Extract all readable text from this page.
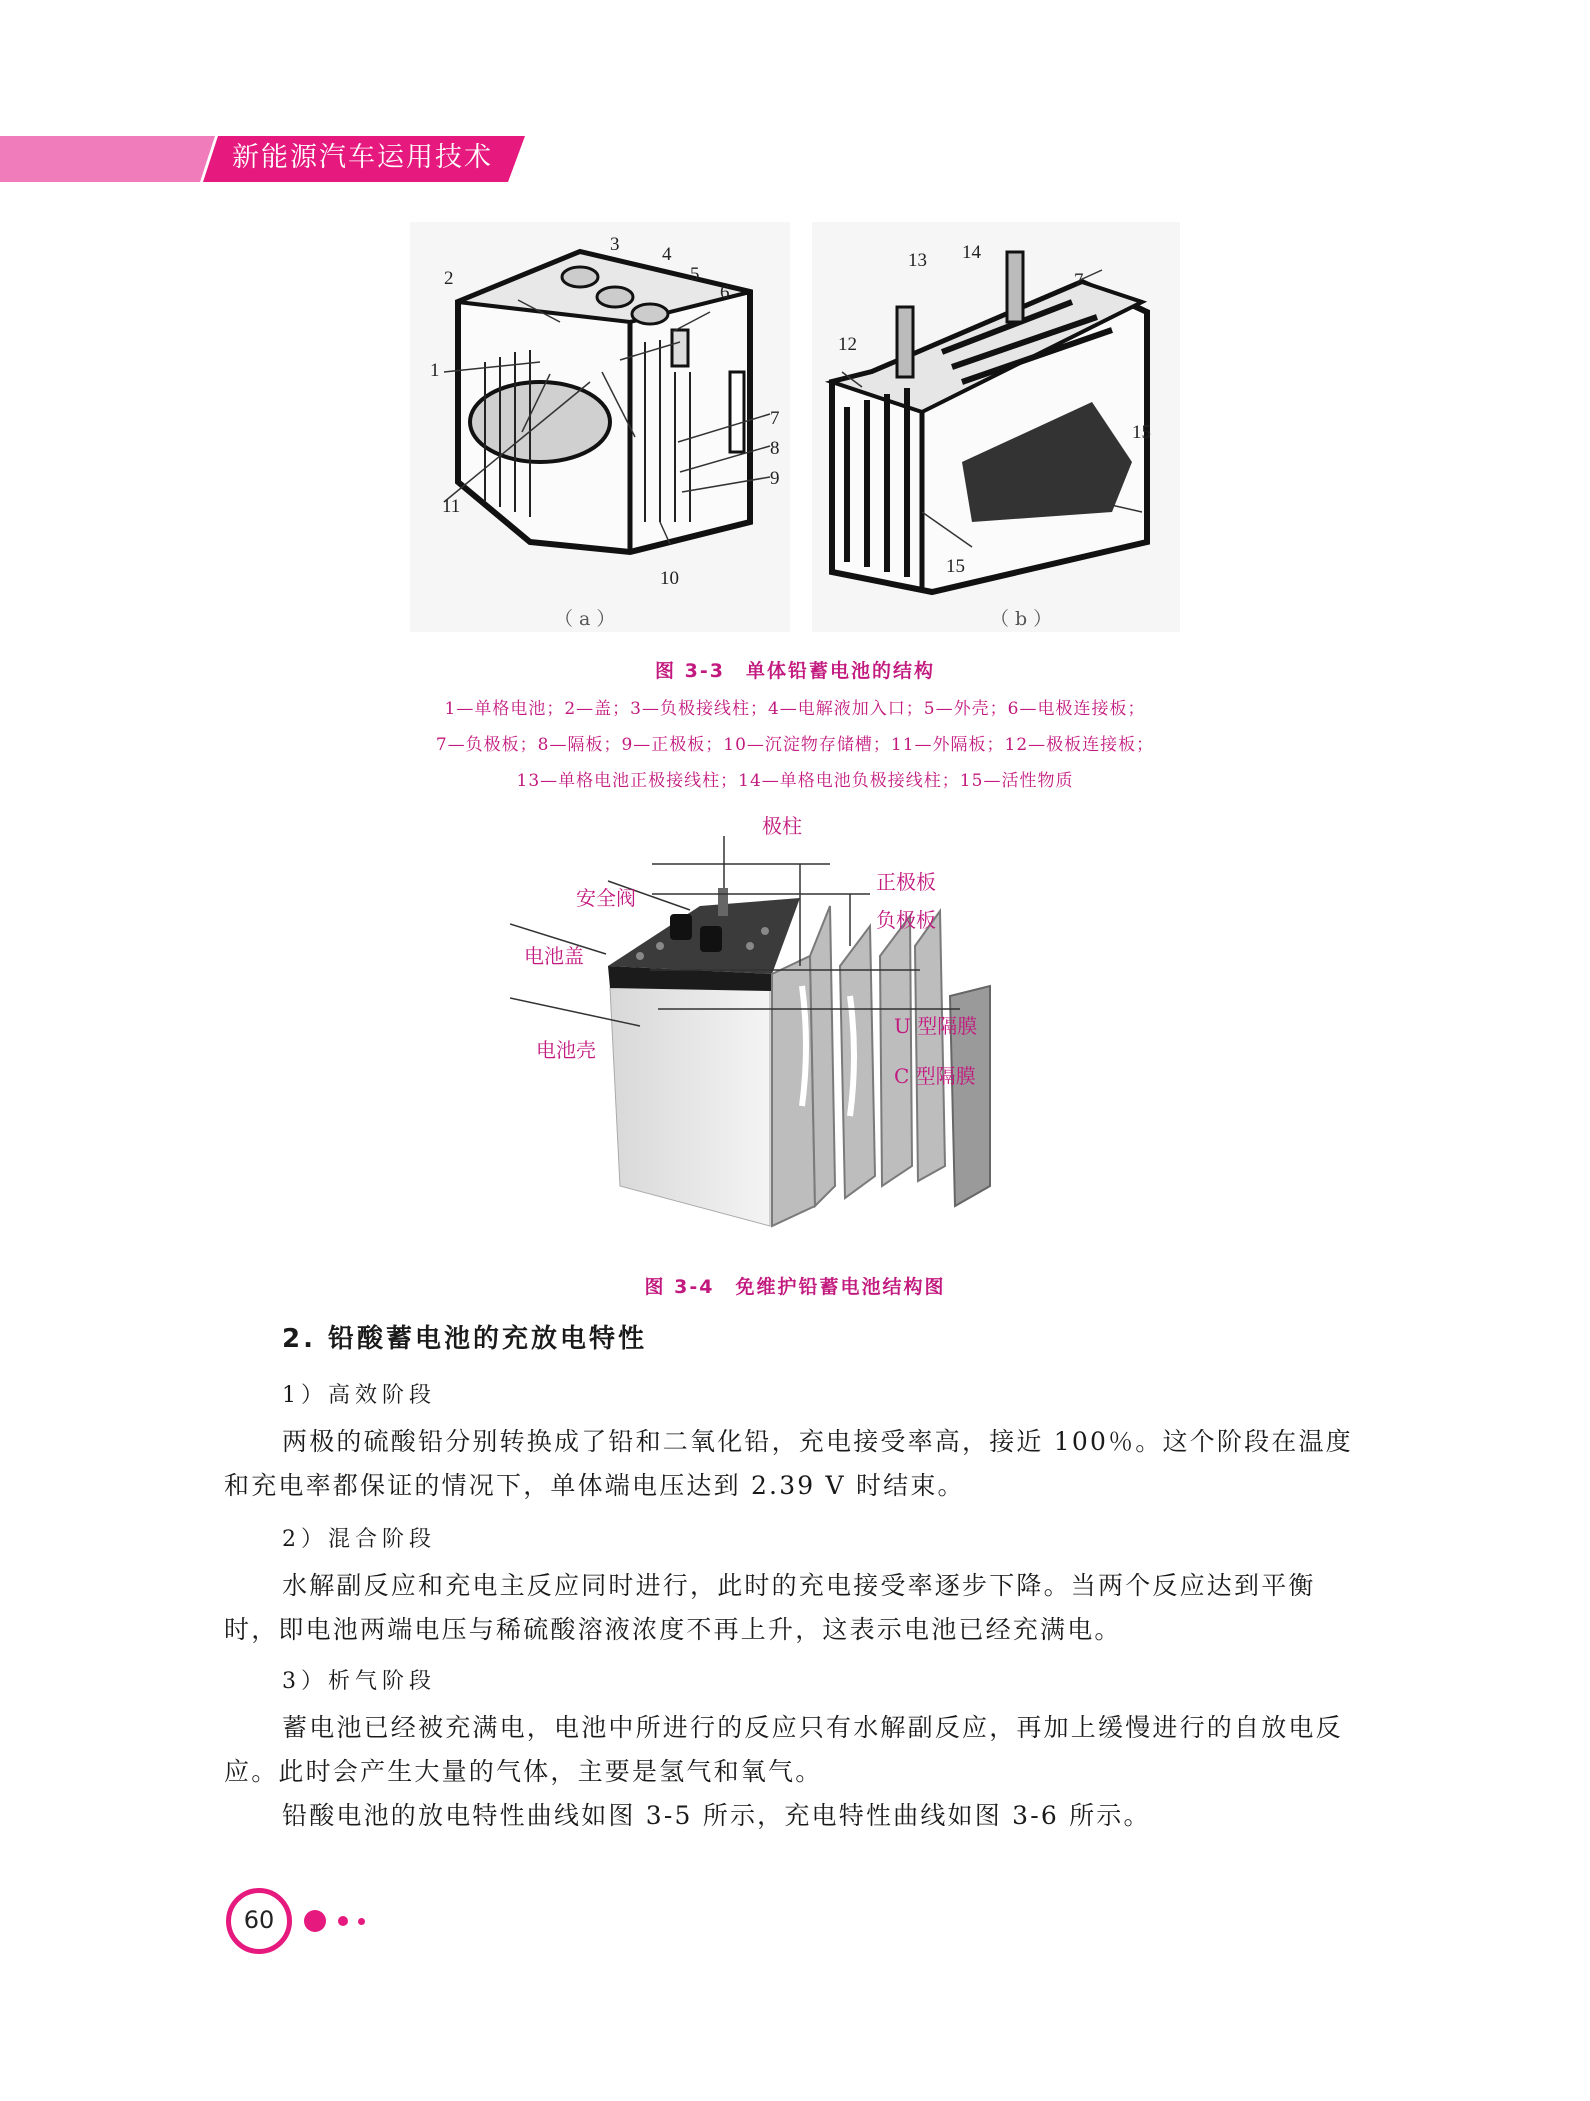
新能源汽车运用技术
1
2
3 4
5
6
7
8
9
10
11
（a）
12
13 14
7
15
15
（b）
图 3-3　单体铅蓄电池的结构
1—单格电池；2—盖；3—负极接线柱；4—电解液加入口；5—外壳；6—电极连接板；
7—负极板；8—隔板；9—正极板；10—沉淀物存储槽；11—外隔板；12—极板连接板；
13—单格电池正极接线柱；14—单格电池负极接线柱；15—活性物质
极柱
安全阀
电池盖
电池壳
正极板
负极板
U 型隔膜
C 型隔膜
图 3-4　免维护铅蓄电池结构图
2. 铅酸蓄电池的充放电特性
1）高效阶段
两极的硫酸铅分别转换成了铅和二氧化铅，充电接受率高，接近 100％。这个阶段在温度和充电率都保证的情况下，单体端电压达到 2.39 V 时结束。
2）混合阶段
水解副反应和充电主反应同时进行，此时的充电接受率逐步下降。当两个反应达到平衡时，即电池两端电压与稀硫酸溶液浓度不再上升，这表示电池已经充满电。
3）析气阶段
蓄电池已经被充满电，电池中所进行的反应只有水解副反应，再加上缓慢进行的自放电反应。此时会产生大量的气体，主要是氢气和氧气。
铅酸电池的放电特性曲线如图 3-5 所示，充电特性曲线如图 3-6 所示。
60
